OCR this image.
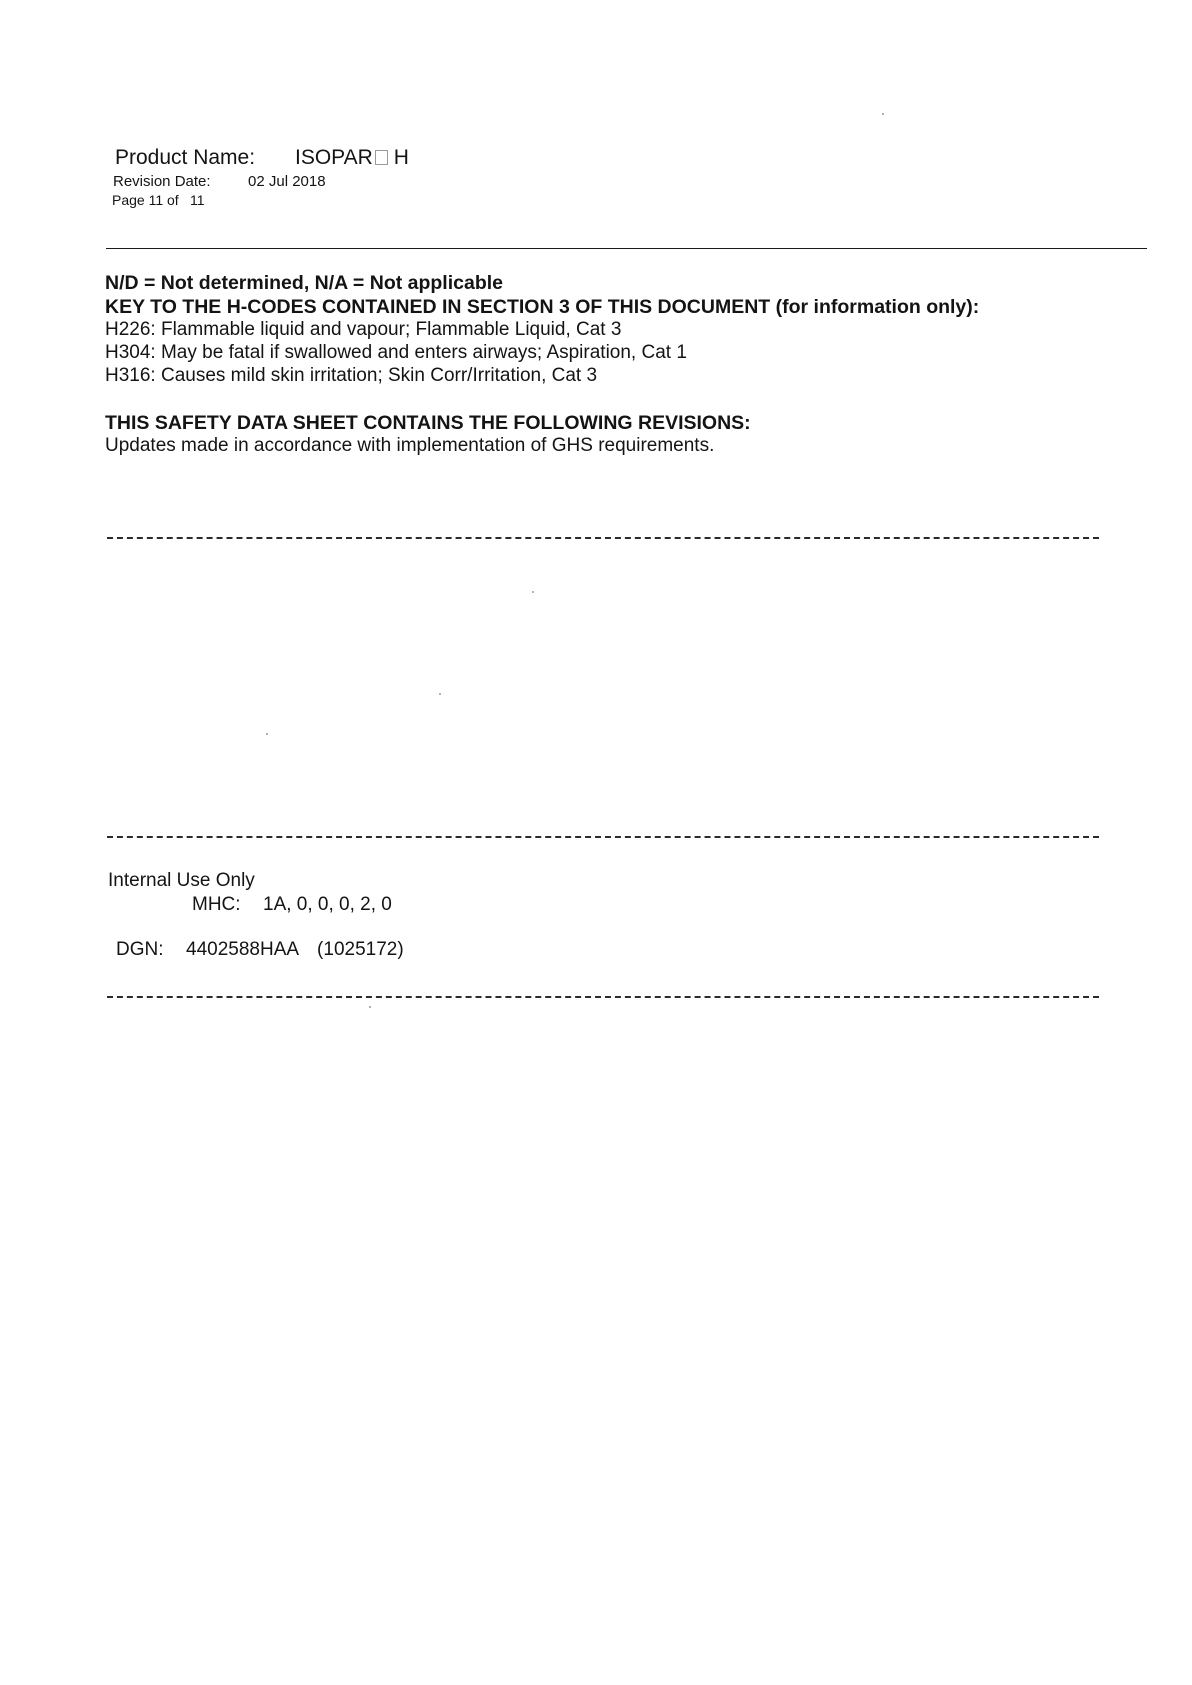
Product Name: ISOPAR H
Revision Date: 02 Jul 2018
Page 11 of 11
N/D = Not determined, N/A = Not applicable
KEY TO THE H-CODES CONTAINED IN SECTION 3 OF THIS DOCUMENT (for information only):
H226: Flammable liquid and vapour; Flammable Liquid, Cat 3
H304: May be fatal if swallowed and enters airways; Aspiration, Cat 1
H316: Causes mild skin irritation; Skin Corr/Irritation, Cat 3
THIS SAFETY DATA SHEET CONTAINS THE FOLLOWING REVISIONS:
Updates made in accordance with implementation of GHS requirements.
Internal Use Only
MHC: 1A, 0, 0, 0, 2, 0
DGN: 4402588HAA (1025172)
